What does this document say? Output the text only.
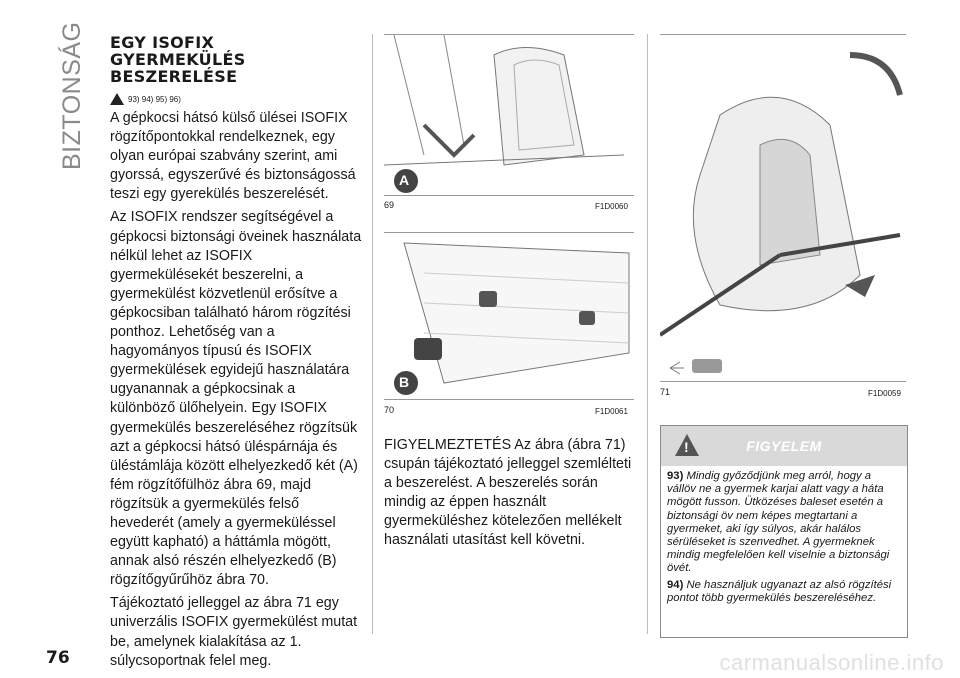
BIZTONSÁG EGY ISOFIX
GYERMEKÜLÉS
BESZERELÉSE
93) 94) 95) 96)

A gépkocsi hátsó külső ülései ISOFIX rögzítőpontokkal rendelkeznek, egy olyan európai szabvány szerint, ami gyorssá, egyszerűvé és biztonságossá teszi egy gyerekülés beszerelését.

Az ISOFIX rendszer segítségével a gépkocsi biztonsági öveinek használata nélkül lehet az ISOFIX gyermekülésekét beszerelni, a gyermekülést közvetlenül erősítve a gépkocsiban található három rögzítési ponthoz. Lehetőség van a hagyományos típusú és ISOFIX gyermekülések egyidejű használatára ugyanannak a gépkocsinak a különböző ülőhelyein. Egy ISOFIX gyermekülés beszereléséhez rögzítsük azt a gépkocsi hátsó üléspárnája és üléstámlája között elhelyezkedő két (A) fém rögzítőfülhöz ábra 69, majd rögzítsük a gyermekülés felső hevederét (amely a gyermeküléssel együtt kapható) a háttámla mögött, annak alsó részén elhelyezkedő (B) rögzítőgyűrűhöz ábra 70.

Tájékoztató jelleggel az ábra 71 egy univerzális ISOFIX gyermekülést mutat be, amelynek kialakítása az 1. súlycsoportnak felel meg.

A
69	F1D0060
B
70	F1D0061
FIGYELMEZTETÉS Az ábra (ábra 71) csupán tájékoztató jelleggel szemlélteti a beszerelést. A beszerelés során mindig az éppen használt gyermeküléshez kötelezően mellékelt használati utasítást kell követni.
71	F1D0059
!
FIGYELEM

93) Mindig győződjünk meg arról, hogy a vállöv ne a gyermek karjai alatt vagy a háta mögött fusson. Ütközéses baleset esetén a biztonsági öv nem képes megtartani a gyermeket, aki így súlyos, akár halálos sérüléseket is szenvedhet. A gyermeknek mindig megfelelően kell viselnie a biztonsági övét.

94) Ne használjuk ugyanazt az alsó rögzítési pontot több gyermekülés beszereléséhez.

76	carmanualsonline.info
